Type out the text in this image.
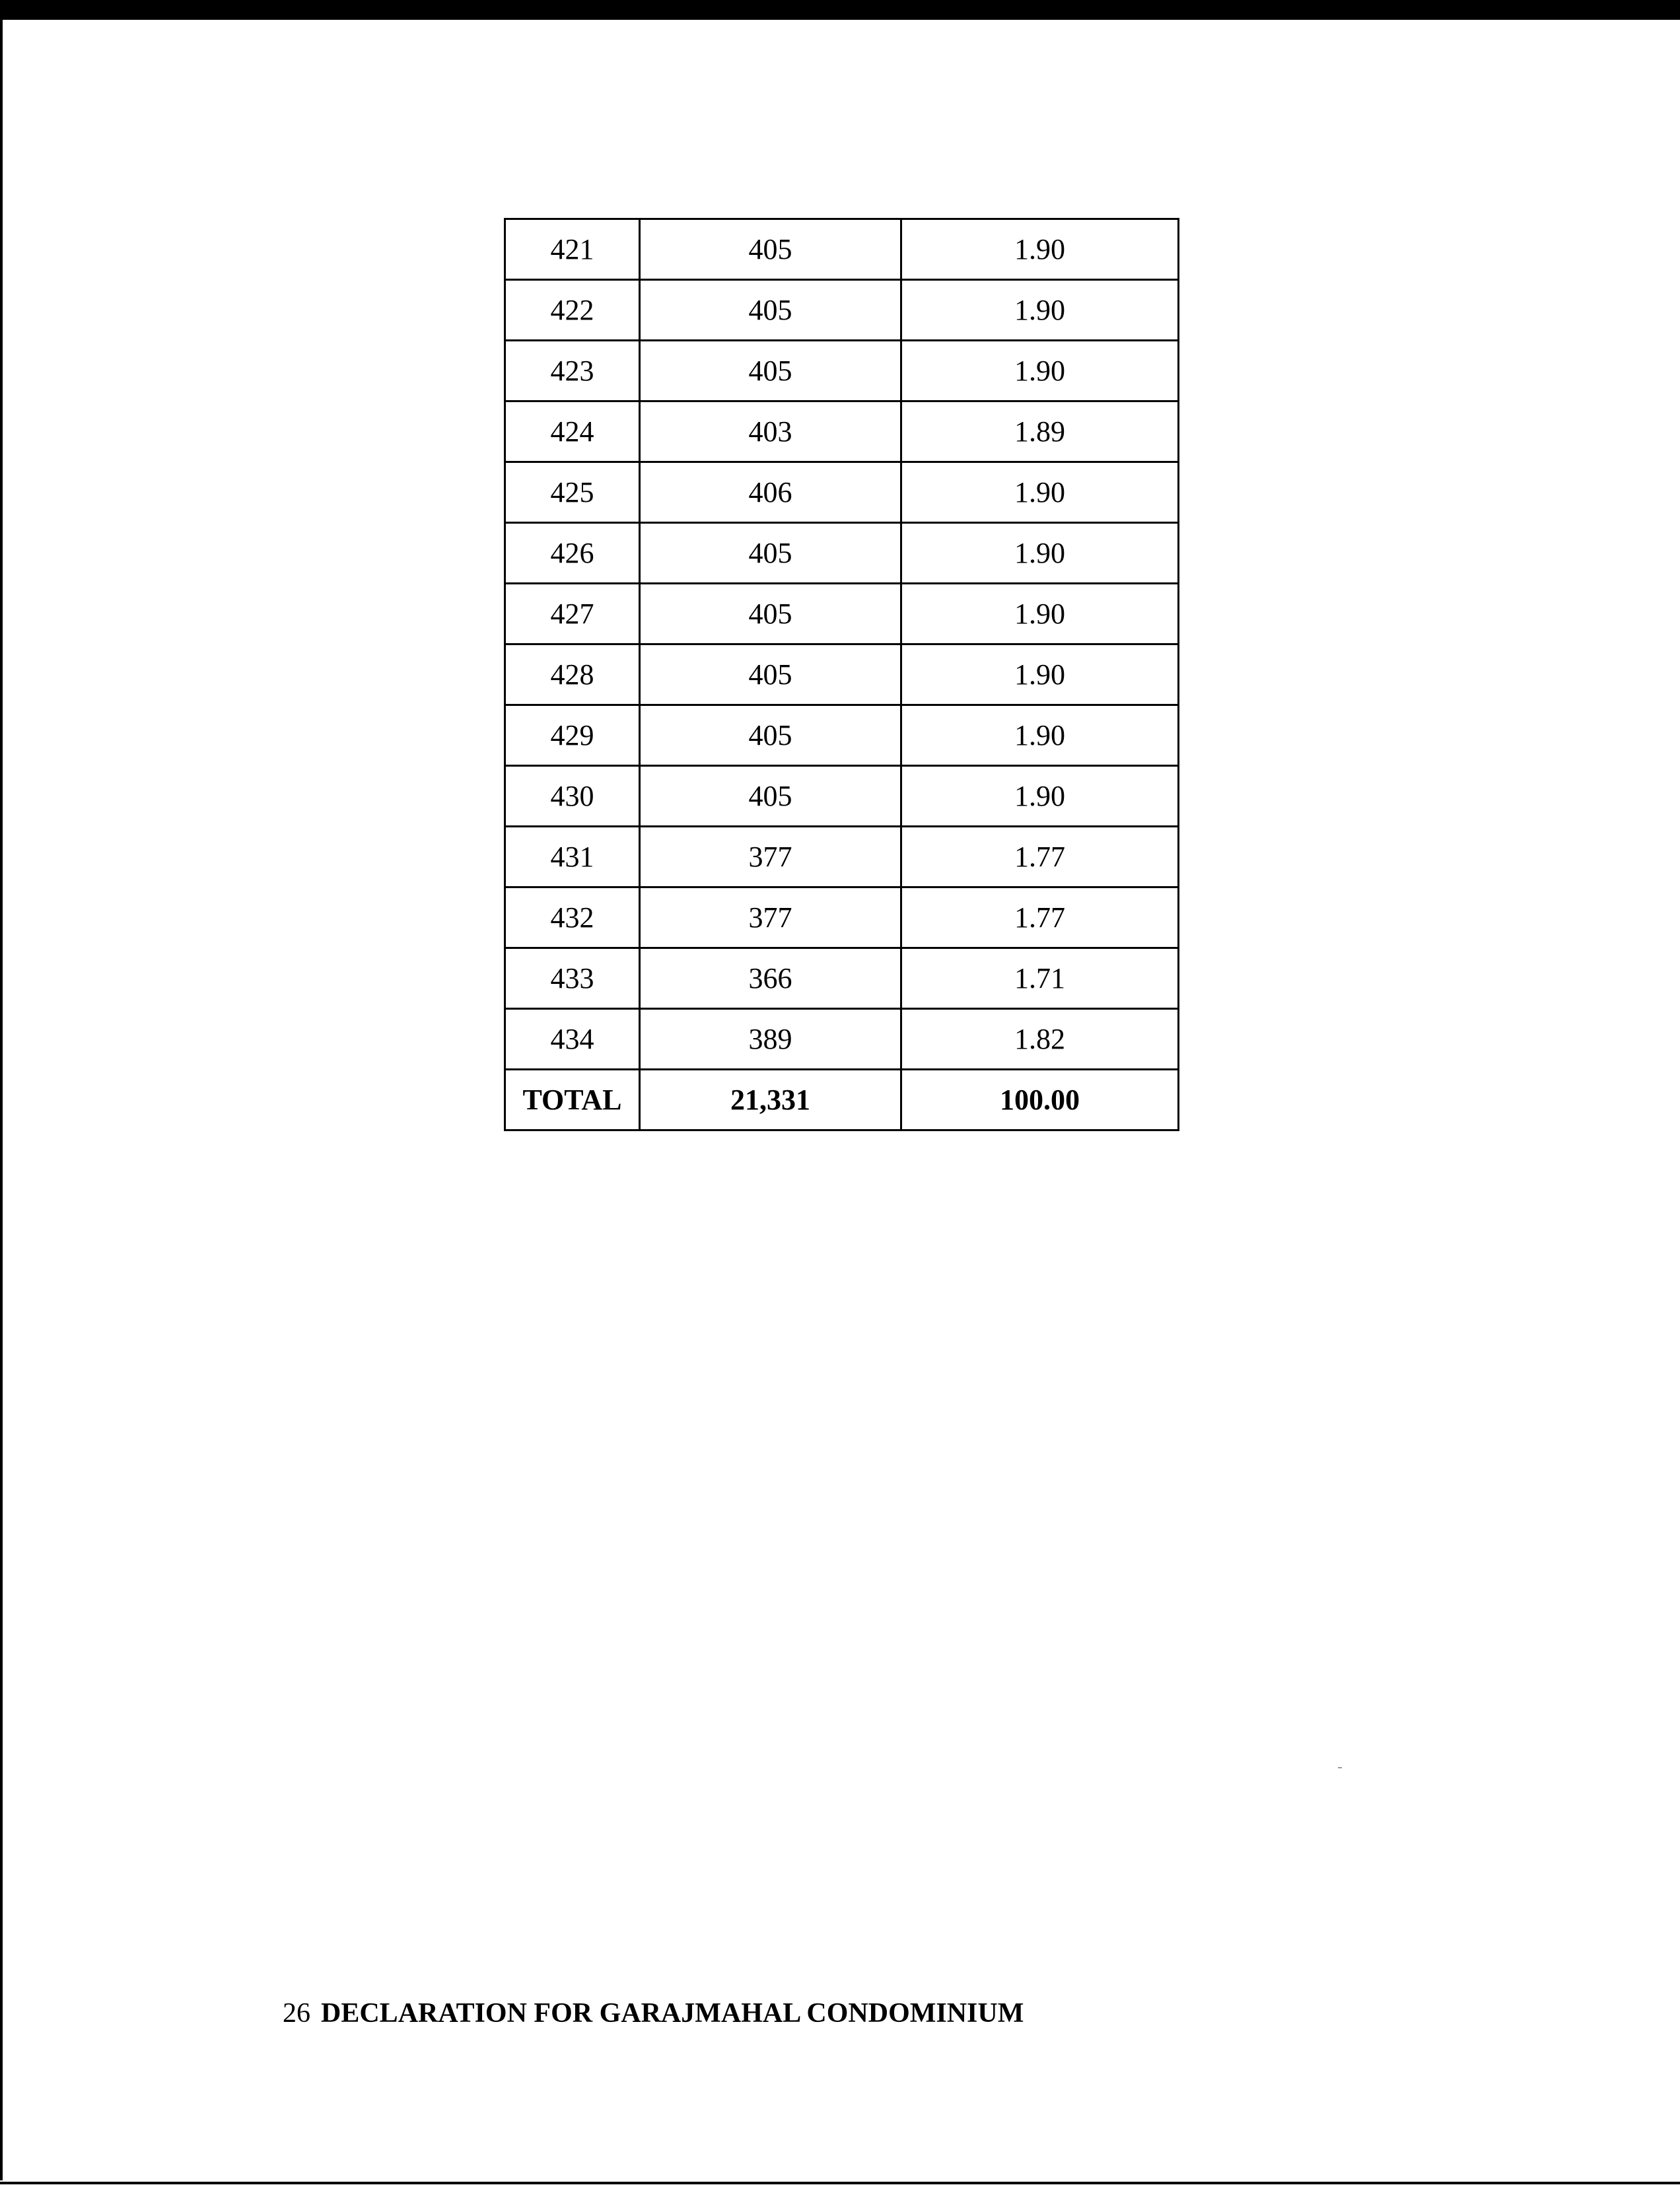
421	405	1.90
422	405	1.90
423	405	1.90
424	403	1.89
425	406	1.90
426	405	1.90
427	405	1.90
428	405	1.90
429	405	1.90
430	405	1.90
431	377	1.77
432	377	1.77
433	366	1.71
434	389	1.82
TOTAL	21,331	100.00
26 DECLARATION FOR GARAJMAHAL CONDOMINIUM
